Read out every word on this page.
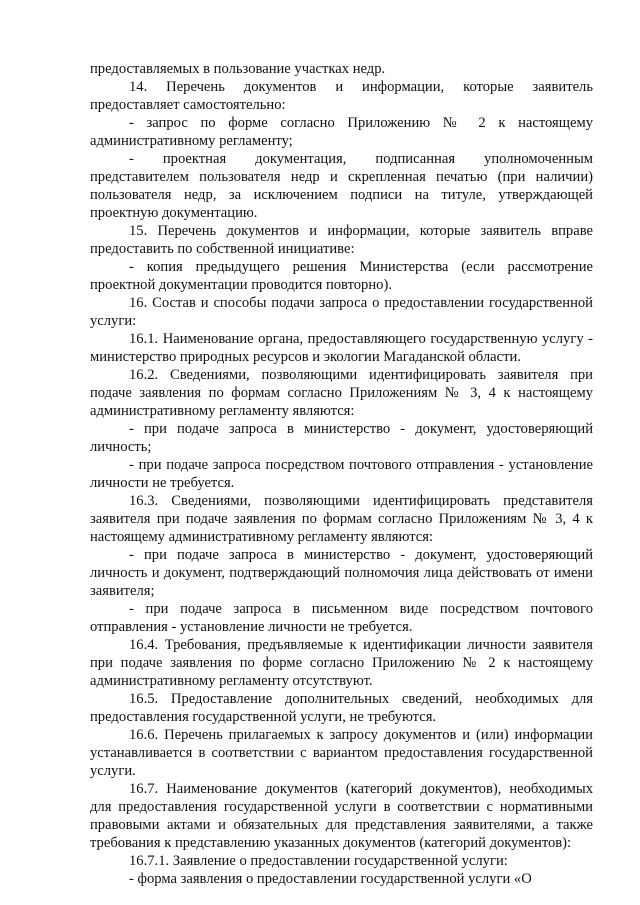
предоставляемых в пользование участках недр.

14. Перечень документов и информации, которые заявитель предоставляет самостоятельно:

- запрос по форме согласно Приложению № 2 к настоящему административному регламенту;

- проектная документация, подписанная уполномоченным представителем пользователя недр и скрепленная печатью (при наличии) пользователя недр, за исключением подписи на титуле, утверждающей проектную документацию.

15. Перечень документов и информации, которые заявитель вправе предоставить по собственной инициативе:

- копия предыдущего решения Министерства (если рассмотрение проектной документации проводится повторно).

16. Состав и способы подачи запроса о предоставлении государственной услуги:

16.1. Наименование органа, предоставляющего государственную услугу - министерство природных ресурсов и экологии Магаданской области.

16.2. Сведениями, позволяющими идентифицировать заявителя при подаче заявления по формам согласно Приложениям № 3, 4 к настоящему административному регламенту являются:

- при подаче запроса в министерство - документ, удостоверяющий личность;

- при подаче запроса посредством почтового отправления - установление личности не требуется.

16.3. Сведениями, позволяющими идентифицировать представителя заявителя при подаче заявления по формам согласно Приложениям № 3, 4 к настоящему административному регламенту являются:

- при подаче запроса в министерство - документ, удостоверяющий личность и документ, подтверждающий полномочия лица действовать от имени заявителя;

- при подаче запроса в письменном виде посредством почтового отправления - установление личности не требуется.

16.4. Требования, предъявляемые к идентификации личности заявителя при подаче заявления по форме согласно Приложению № 2 к настоящему административному регламенту отсутствуют.

16.5. Предоставление дополнительных сведений, необходимых для предоставления государственной услуги, не требуются.

16.6. Перечень прилагаемых к запросу документов и (или) информации устанавливается в соответствии с вариантом предоставления государственной услуги.

16.7. Наименование документов (категорий документов), необходимых для предоставления государственной услуги в соответствии с нормативными правовыми актами и обязательных для представления заявителями, а также требования к представлению указанных документов (категорий документов):

16.7.1. Заявление о предоставлении государственной услуги:

- форма заявления о предоставлении государственной услуги «О
